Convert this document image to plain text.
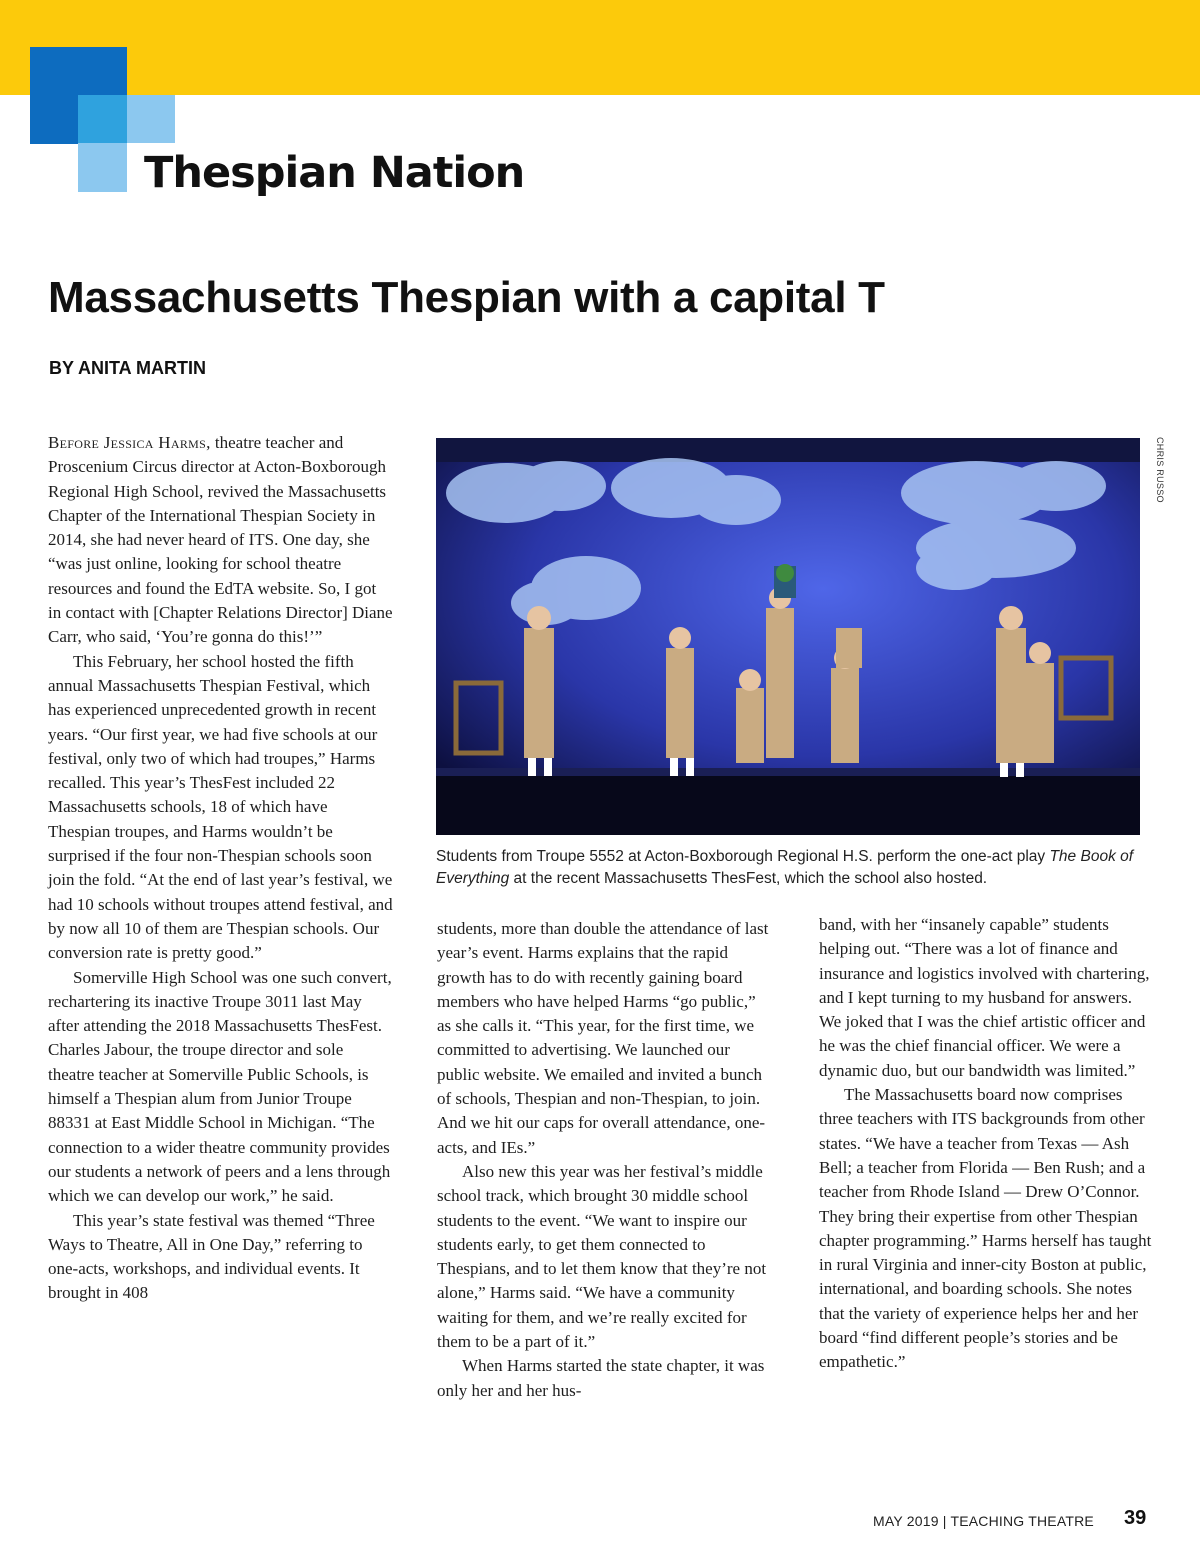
Thespian Nation
Massachusetts Thespian with a capital T
BY ANITA MARTIN

Before Jessica Harms, theatre teacher and Proscenium Circus director at Acton-Boxborough Regional High School, revived the Massachusetts Chapter of the International Thespian Society in 2014, she had never heard of ITS. One day, she “was just online, looking for school theatre resources and found the EdTA website. So, I got in contact with [Chapter Relations Director] Diane Carr, who said, ‘You’re gonna do this!’”

This February, her school hosted the fifth annual Massachusetts Thespian Festival, which has experienced unprecedented growth in recent years. “Our first year, we had five schools at our festival, only two of which had troupes,” Harms recalled. This year’s ThesFest included 22 Massachusetts schools, 18 of which have Thespian troupes, and Harms wouldn’t be surprised if the four non-Thespian schools soon join the fold. “At the end of last year’s festival, we had 10 schools without troupes attend festival, and by now all 10 of them are Thespian schools. Our conversion rate is pretty good.”

Somerville High School was one such convert, rechartering its inactive Troupe 3011 last May after attending the 2018 Massachusetts ThesFest. Charles Jabour, the troupe director and sole theatre teacher at Somerville Public Schools, is himself a Thespian alum from Junior Troupe 88331 at East Middle School in Michigan. “The connection to a wider theatre community provides our students a network of peers and a lens through which we can develop our work,” he said.

This year’s state festival was themed “Three Ways to Theatre, All in One Day,” referring to one-acts, workshops, and individual events. It brought in 408

CHRIS RUSSO
Students from Troupe 5552 at Acton-Boxborough Regional H.S. perform the one-act play The Book of Everything at the recent Massachusetts ThesFest, which the school also hosted.

students, more than double the attendance of last year’s event. Harms explains that the rapid growth has to do with recently gaining board members who have helped Harms “go public,” as she calls it. “This year, for the first time, we committed to advertising. We launched our public website. We emailed and invited a bunch of schools, Thespian and non-Thespian, to join. And we hit our caps for overall attendance, one-acts, and IEs.”

Also new this year was her festival’s middle school track, which brought 30 middle school students to the event. “We want to inspire our students early, to get them connected to Thespians, and to let them know that they’re not alone,” Harms said. “We have a community waiting for them, and we’re really excited for them to be a part of it.”

When Harms started the state chapter, it was only her and her hus-

band, with her “insanely capable” students helping out. “There was a lot of finance and insurance and logistics involved with chartering, and I kept turning to my husband for answers. We joked that I was the chief artistic officer and he was the chief financial officer. We were a dynamic duo, but our bandwidth was limited.”

The Massachusetts board now comprises three teachers with ITS backgrounds from other states. “We have a teacher from Texas — Ash Bell; a teacher from Florida — Ben Rush; and a teacher from Rhode Island — Drew O’Connor. They bring their expertise from other Thespian chapter programming.” Harms herself has taught in rural Virginia and inner-city Boston at public, international, and boarding schools. She notes that the variety of experience helps her and her board “find different people’s stories and be empathetic.”

MAY 2019 | TEACHING THEATRE 39
